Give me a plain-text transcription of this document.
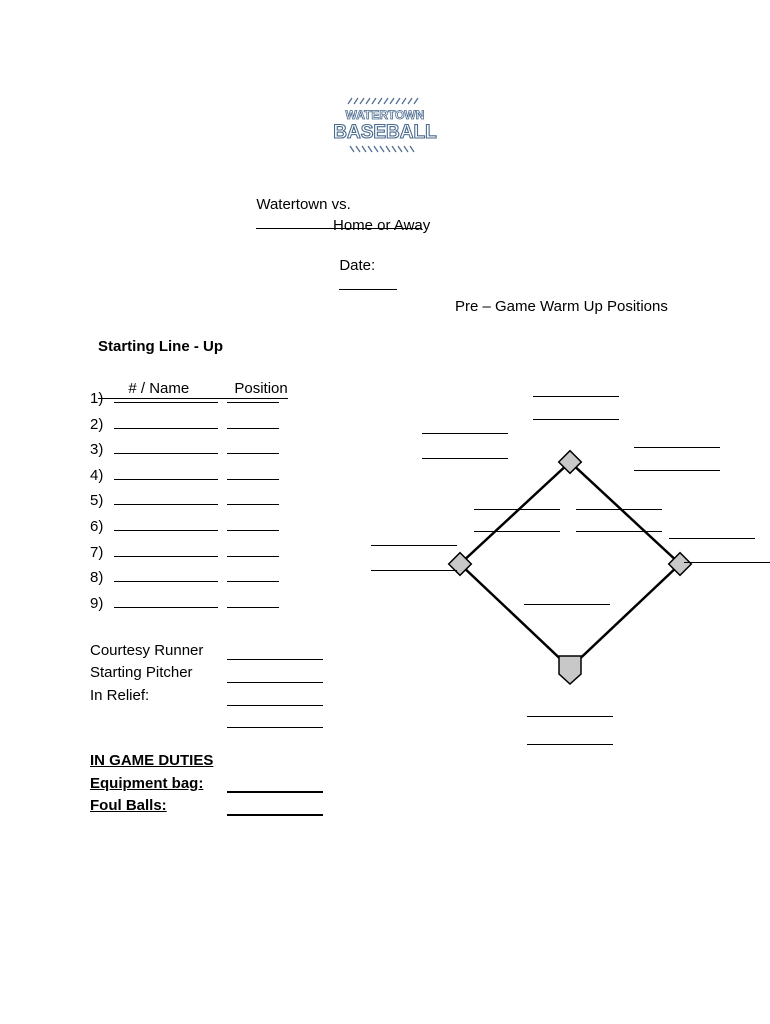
WATERTOWN
BASEBALL

Watertown vs.

Home or Away

Date:

Pre – Game Warm Up Positions
Starting Line - Up

# / Name	Position

1)
2)
3)
4)
5)
6)
7)
8)
9)
Courtesy Runner
Starting Pitcher
In Relief:
IN GAME DUTIES
Equipment bag:
Foul Balls:
